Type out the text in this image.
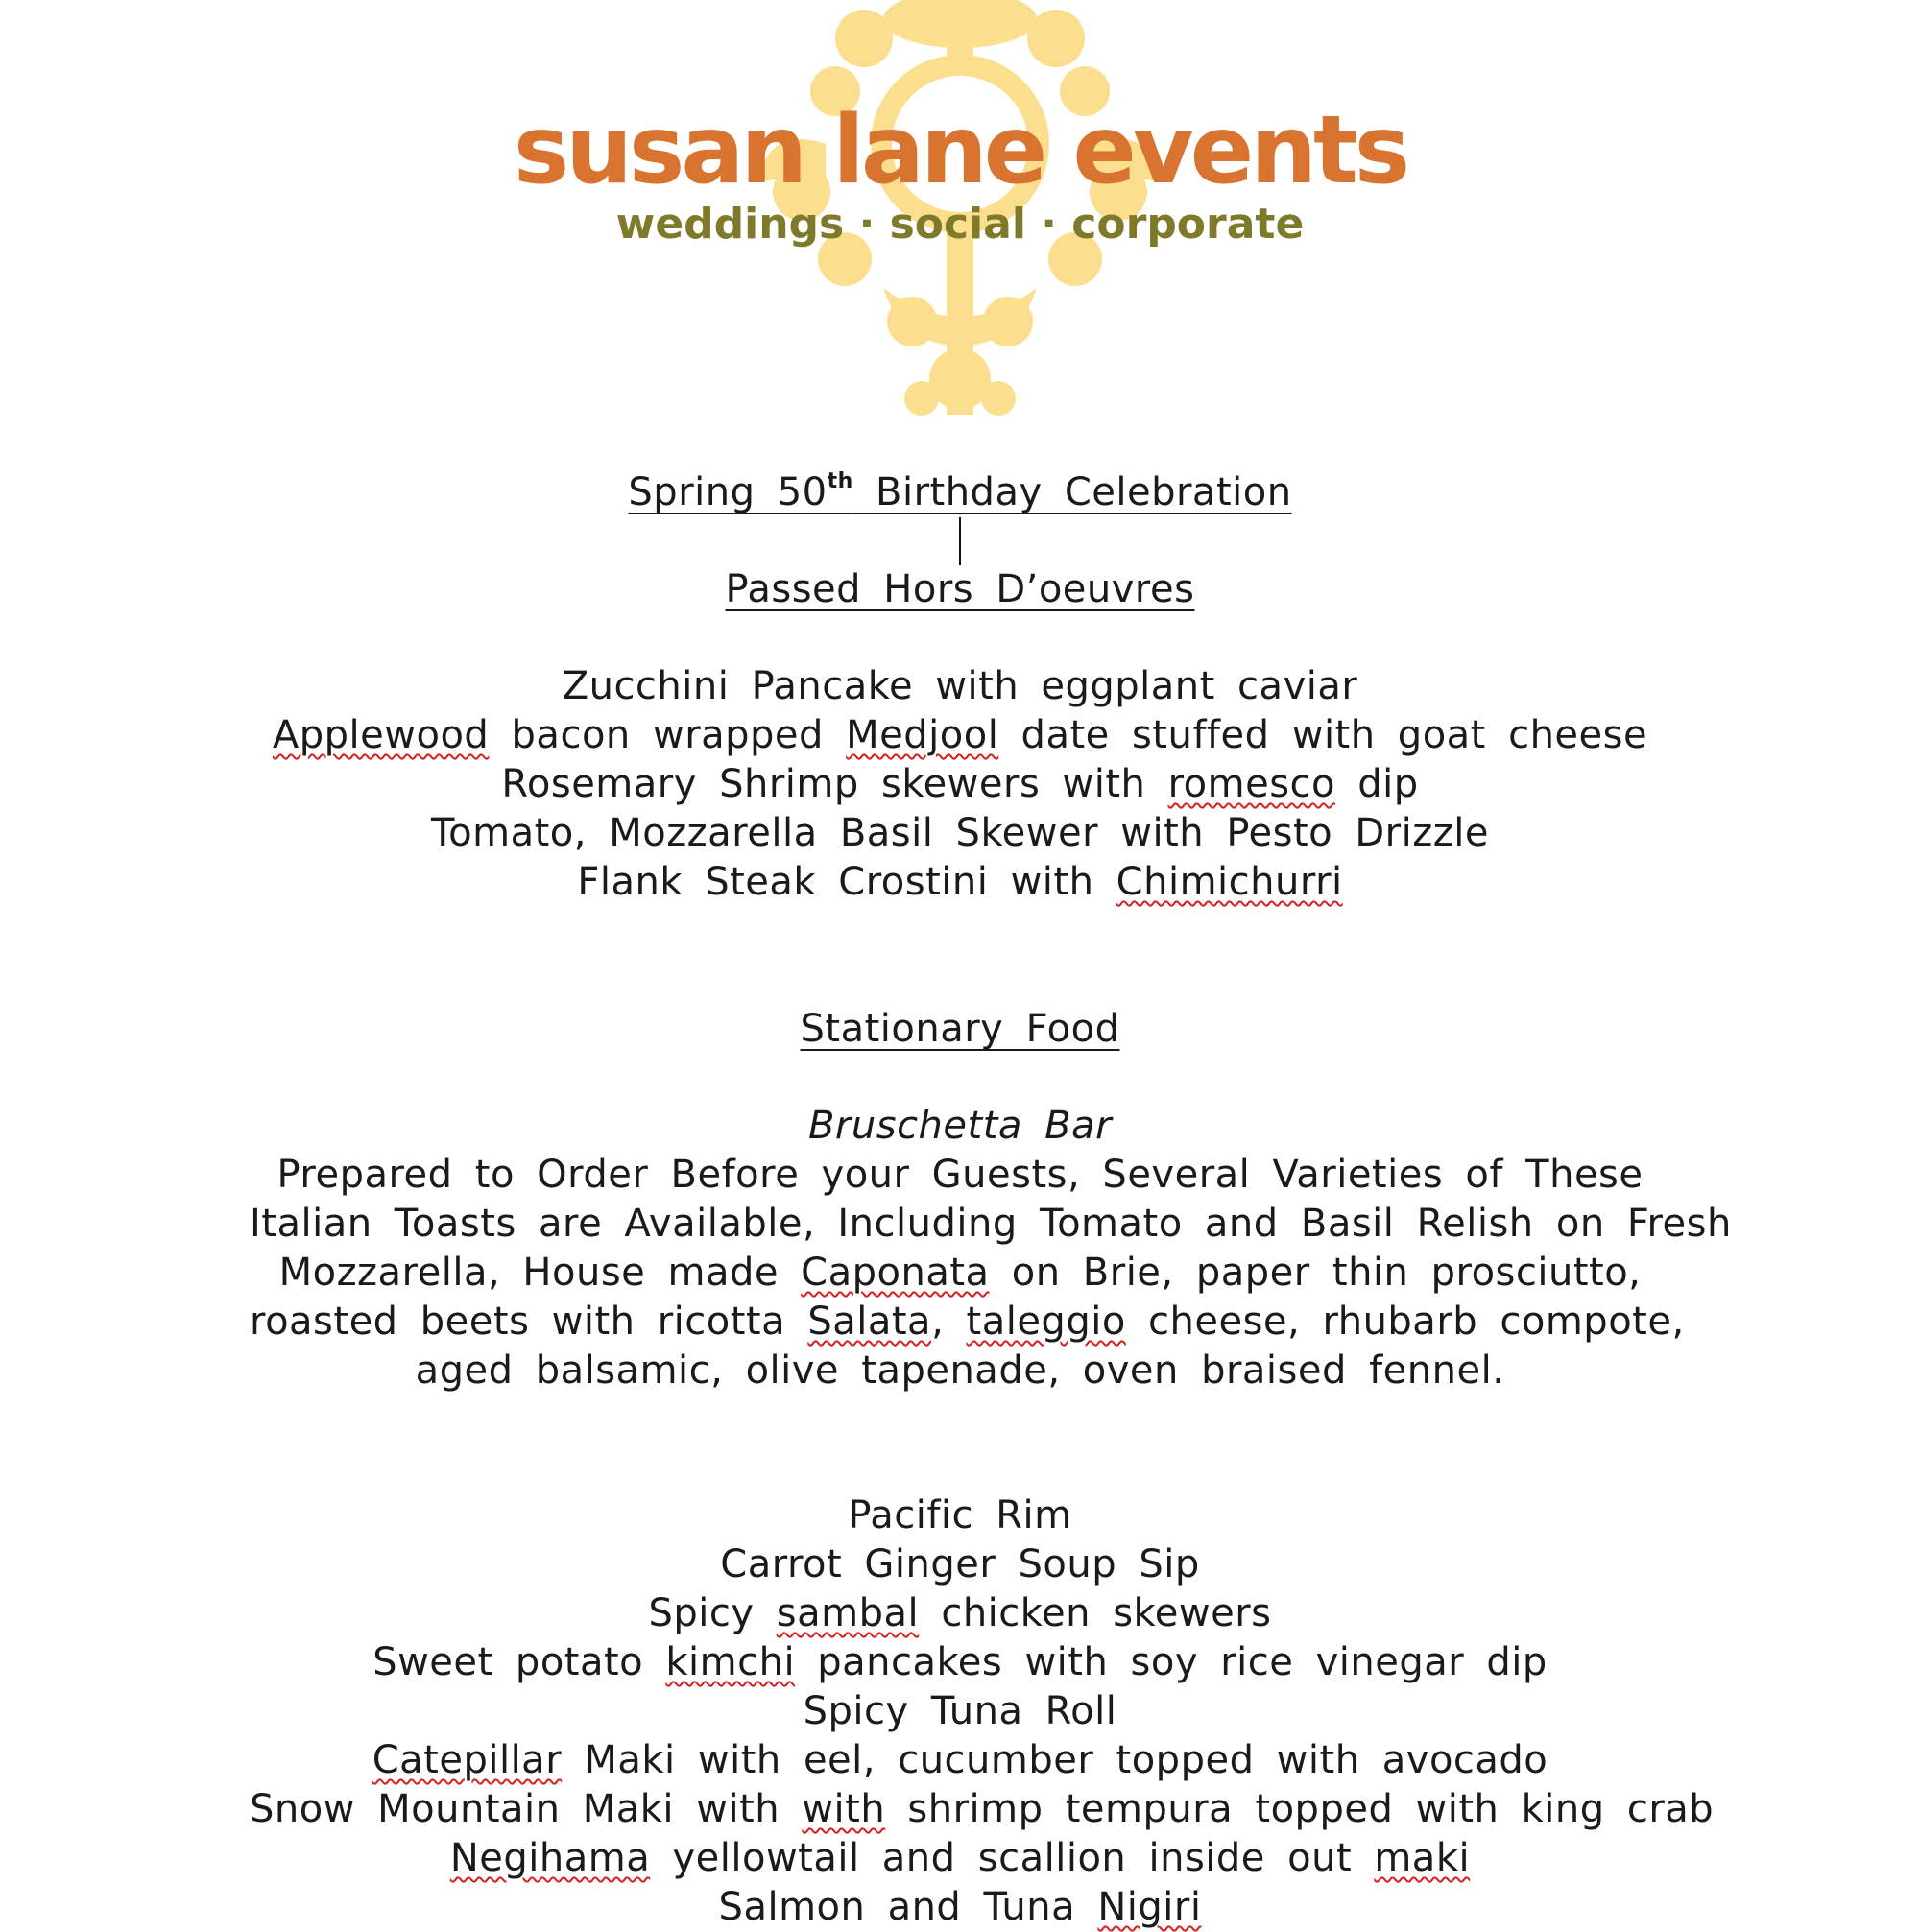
susan lane events
weddings · social · corporate

Spring 50th Birthday Celebration

Passed Hors D’oeuvres

Zucchini Pancake with eggplant caviar

Applewood bacon wrapped Medjool date stuffed with goat cheese

Rosemary Shrimp skewers with romesco dip

Tomato, Mozzarella Basil Skewer with Pesto Drizzle

Flank Steak Crostini with Chimichurri

Stationary Food

Bruschetta Bar

Prepared to Order Before your Guests, Several Varieties of These

Italian Toasts are Available, Including Tomato and Basil Relish on Fresh

Mozzarella, House made Caponata on Brie, paper thin prosciutto,

roasted beets with ricotta Salata, taleggio cheese, rhubarb compote,

aged balsamic, olive tapenade, oven braised fennel.

Pacific Rim

Carrot Ginger Soup Sip

Spicy sambal chicken skewers

Sweet potato kimchi pancakes with soy rice vinegar dip

Spicy Tuna Roll

Catepillar Maki with eel, cucumber topped with avocado

Snow Mountain Maki with with shrimp tempura topped with king crab

Negihama yellowtail and scallion inside out maki

Salmon and Tuna Nigiri
